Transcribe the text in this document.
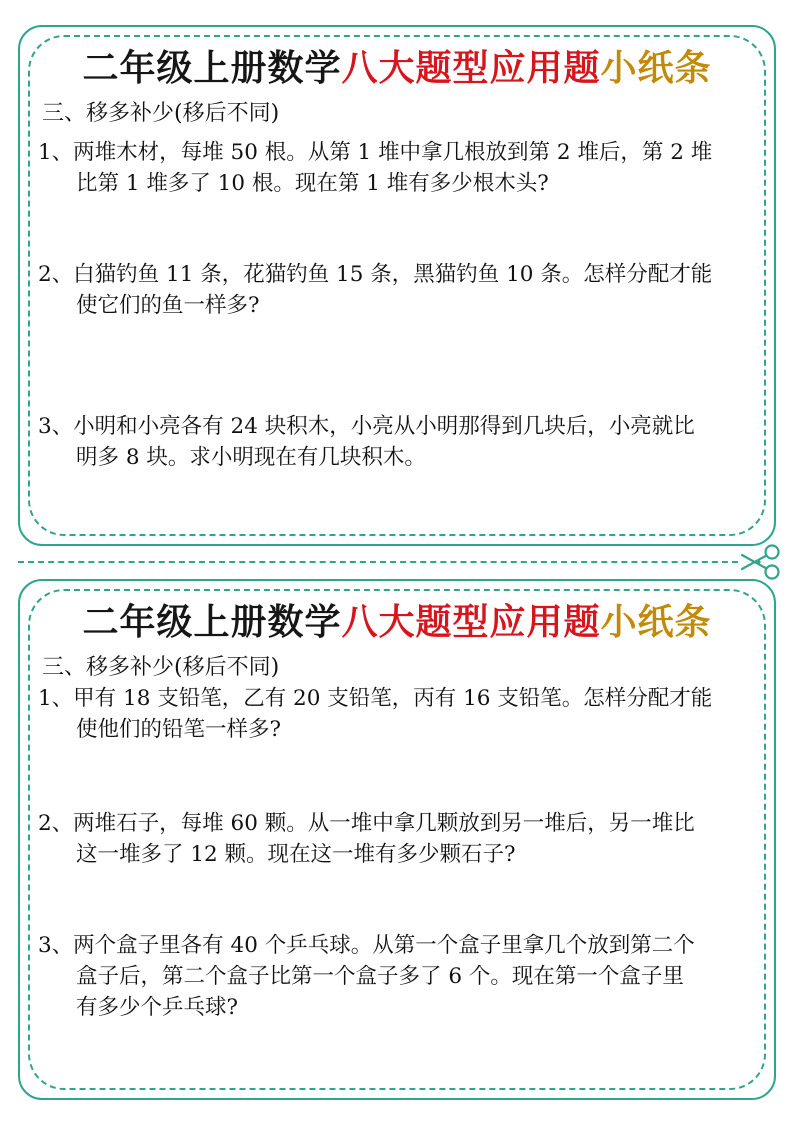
二年级上册数学八大题型应用题小纸条
三、移多补少(移后不同)
1、两堆木材，每堆 50 根。从第 1 堆中拿几根放到第 2 堆后，第 2 堆
比第 1 堆多了 10 根。现在第 1 堆有多少根木头?
2、白猫钓鱼 11 条，花猫钓鱼 15 条，黑猫钓鱼 10 条。怎样分配才能
使它们的鱼一样多?
3、小明和小亮各有 24 块积木，小亮从小明那得到几块后，小亮就比
明多 8 块。求小明现在有几块积木。
二年级上册数学八大题型应用题小纸条
三、移多补少(移后不同)
1、甲有 18 支铅笔，乙有 20 支铅笔，丙有 16 支铅笔。怎样分配才能
使他们的铅笔一样多?
2、两堆石子，每堆 60 颗。从一堆中拿几颗放到另一堆后，另一堆比
这一堆多了 12 颗。现在这一堆有多少颗石子?
3、两个盒子里各有 40 个乒乓球。从第一个盒子里拿几个放到第二个
盒子后，第二个盒子比第一个盒子多了 6 个。现在第一个盒子里
有多少个乒乓球?
